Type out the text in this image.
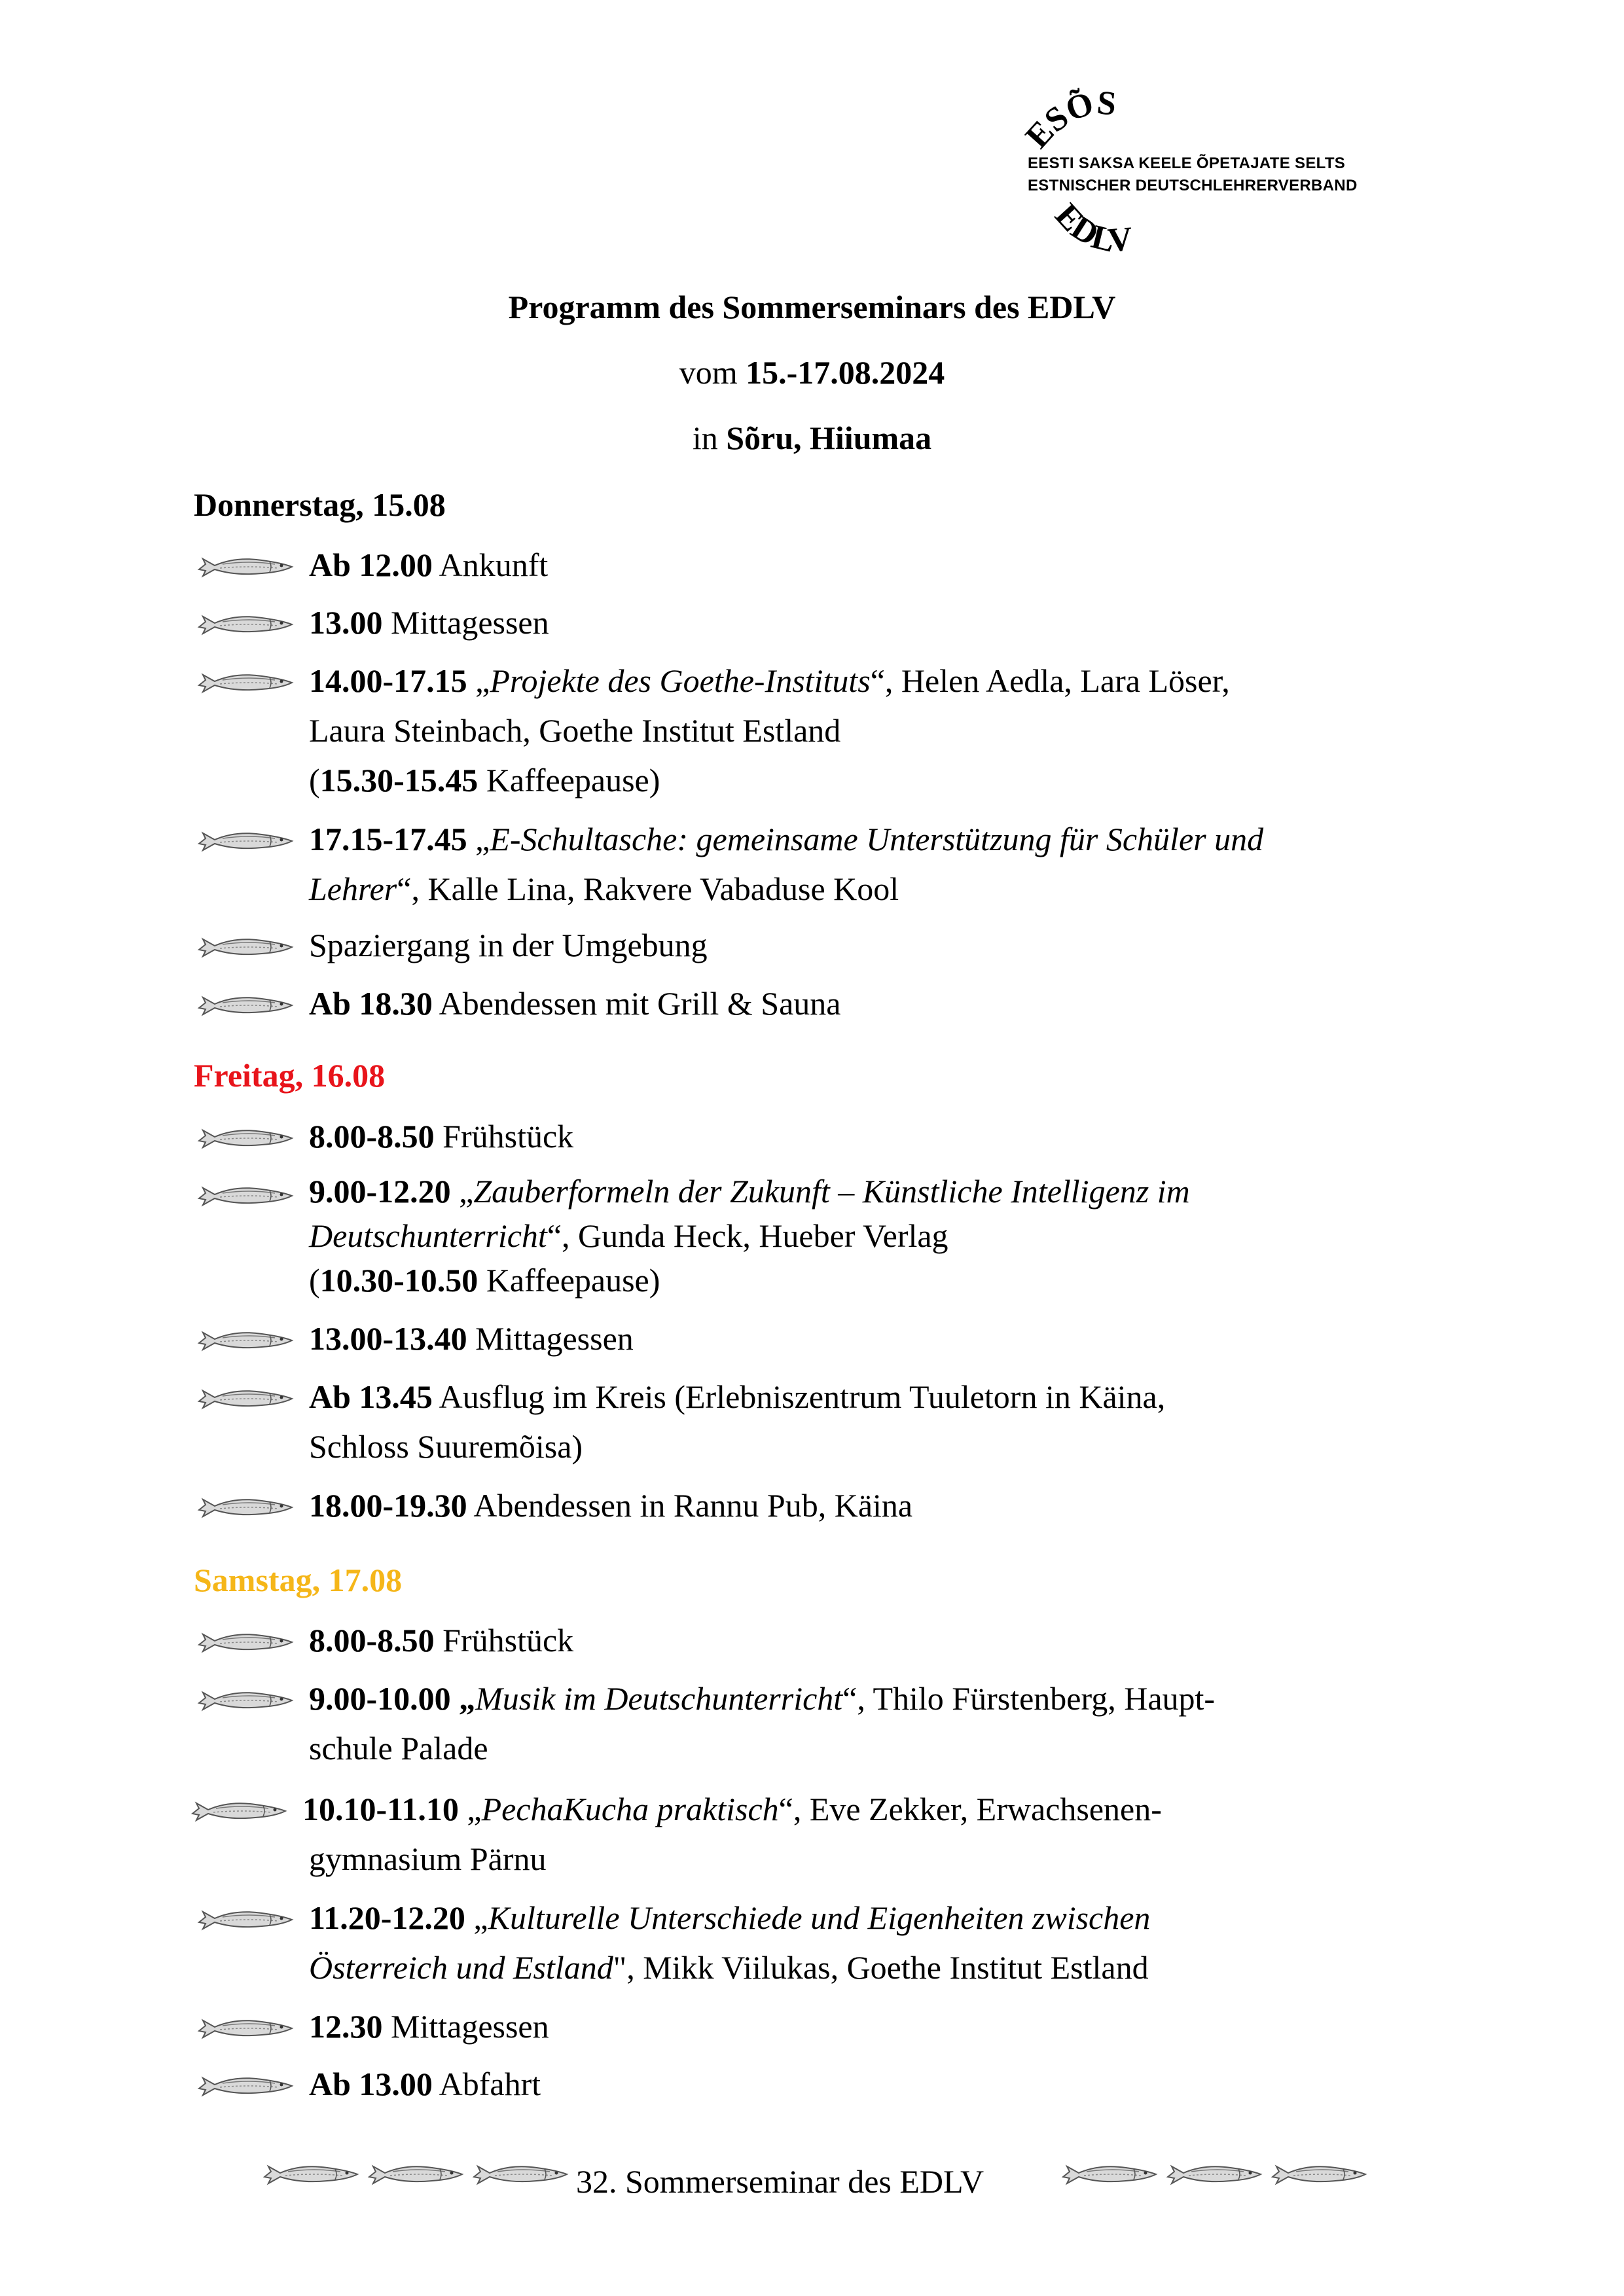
ESÕS
EDLV
EESTI SAKSA KEELE ÕPETAJATE SELTS
ESTNISCHER DEUTSCHLEHRERVERBAND
Programm des Sommerseminars des EDLV
vom 15.-17.08.2024
in Sõru, Hiiumaa
Donnerstag, 15.08
Freitag, 16.08
Samstag, 17.08
Ab 12.00 Ankunft
13.00 Mittagessen
14.00-17.15 „Projekte des Goethe-Instituts“, Helen Aedla, Lara Löser,
Laura Steinbach, Goethe Institut Estland
(15.30-15.45 Kaffeepause)
17.15-17.45 „E-Schultasche: gemeinsame Unterstützung für Schüler und
Lehrer“, Kalle Lina, Rakvere Vabaduse Kool
Spaziergang in der Umgebung
Ab 18.30 Abendessen mit Grill & Sauna
8.00-8.50 Frühstück
9.00-12.20 „Zauberformeln der Zukunft – Künstliche Intelligenz im
Deutschunterricht“, Gunda Heck, Hueber Verlag
(10.30-10.50 Kaffeepause)
13.00-13.40 Mittagessen
Ab 13.45 Ausflug im Kreis (Erlebniszentrum Tuuletorn in Käina,
Schloss Suuremõisa)
18.00-19.30 Abendessen in Rannu Pub, Käina
8.00-8.50 Frühstück
9.00-10.00 „Musik im Deutschunterricht“, Thilo Fürstenberg, Haupt-
schule Palade
10.10-11.10 „PechaKucha praktisch“, Eve Zekker, Erwachsenen-
gymnasium Pärnu
11.20-12.20 „Kulturelle Unterschiede und Eigenheiten zwischen
Österreich und Estland", Mikk Viilukas, Goethe Institut Estland
12.30 Mittagessen
Ab 13.00 Abfahrt
32. Sommerseminar des EDLV
